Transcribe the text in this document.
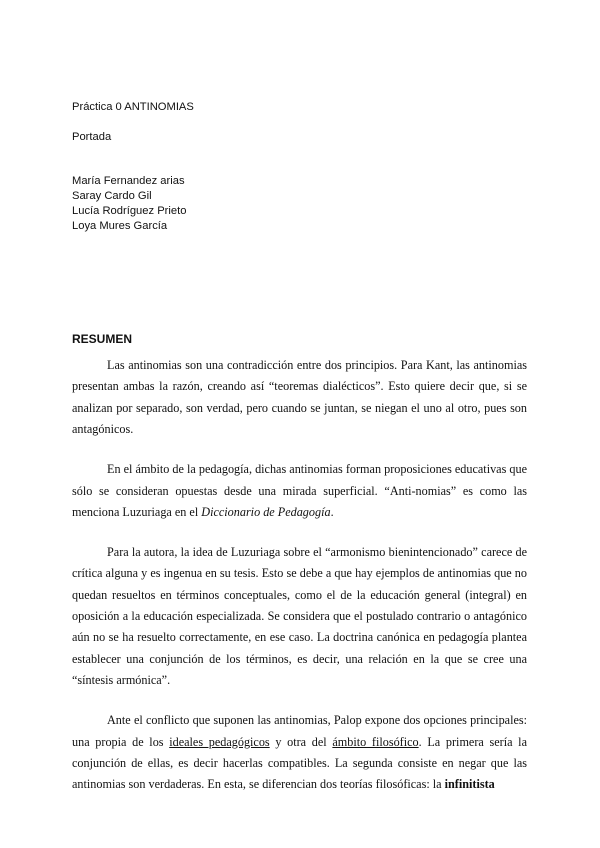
Práctica 0 ANTINOMIAS
Portada
María Fernandez arias
Saray Cardo Gil
Lucía Rodríguez Prieto
Loya Mures García
RESUMEN

Las antinomias son una contradicción entre dos principios. Para Kant, las antinomias presentan ambas la razón, creando así “teoremas dialécticos”. Esto quiere decir que, si se analizan por separado, son verdad, pero cuando se juntan, se niegan el uno al otro, pues son antagónicos.

En el ámbito de la pedagogía, dichas antinomias forman proposiciones educativas que sólo se consideran opuestas desde una mirada superficial. “Anti-nomias” es como las menciona Luzuriaga en el Diccionario de Pedagogía.

Para la autora, la idea de Luzuriaga sobre el “armonismo bienintencionado” carece de crítica alguna y es ingenua en su tesis. Esto se debe a que hay ejemplos de antinomias que no quedan resueltos en términos conceptuales, como el de la educación general (integral) en oposición a la educación especializada. Se considera que el postulado contrario o antagónico aún no se ha resuelto correctamente, en ese caso. La doctrina canónica en pedagogía plantea establecer una conjunción de los términos, es decir, una relación en la que se cree una “síntesis armónica”.

Ante el conflicto que suponen las antinomias, Palop expone dos opciones principales: una propia de los ideales pedagógicos y otra del ámbito filosófico. La primera sería la conjunción de ellas, es decir hacerlas compatibles. La segunda consiste en negar que las antinomias son verdaderas. En esta, se diferencian dos teorías filosóficas: la infinitista
